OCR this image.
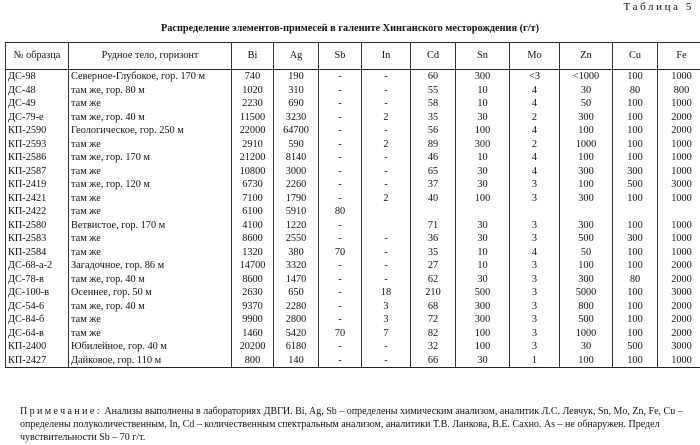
Таблица 5
Распределение элементов-примесей в галените Хинганского месторождения (г/т)
№ образца	Рудное тело, горизонт	Bi	Ag	Sb	In	Cd	Sn	Mo	Zn	Cu	Fe
ДС-98	Северное-Глубокое, гор. 170 м	740	190	-	-	60	300	<3	<1000	100	1000
ДС-48	там же, гор. 80 м	1020	310	-	-	55	10	4	30	80	800
ДС-49	там же	2230	690	-	-	58	10	4	50	100	1000
ДС-79-е	там же, гор. 40 м	11500	3230	-	2	35	30	2	300	100	2000
КП-2590	Геологическое, гор. 250 м	22000	64700	-	-	56	100	4	100	100	2000
КП-2593	там же	2910	590	-	2	89	300	2	1000	100	1000
КП-2586	там же, гор. 170 м	21200	8140	-	-	46	10	4	100	100	1000
КП-2587	там же	10800	3000	-	-	65	30	4	300	300	1000
КП-2419	там же, гор. 120 м	6730	2260	-	-	37	30	3	100	500	3000
КП-2421	там же	7100	1790	-	2	40	100	3	300	100	1000
КП-2422	там же	6100	5910	80							
КП-2580	Ветвистое, гор. 170 м	4100	1220	-		71	30	3	300	100	1000
КП-2583	там же	8600	2550	-	-	36	30	3	500	300	1000
КП-2584	там же	1320	380	70	-	35	10	4	50	100	1000
ДС-68-а-2	Загадочное, гор. 86 м	14700	3320	-	-	27	10	3	100	100	2000
ДС-78-в	там же, гор. 40 м	8600	1470	-	-	62	30	3	300	80	2000
ДС-100-в	Осеннее, гор. 50 м	2630	650	-	18	210	500	3	5000	100	3000
ДС-54-6	там же, гор. 40 м	9370	2280	-	3	68	300	3	800	100	2000
ДС-84-б	там же	9900	2800	-	3	72	300	3	500	100	2000
ДС-64-в	там же	1460	5420	70	7	82	100	3	1000	100	2000
КП-2400	Юбилейное, гор. 40 м	20200	6180	-	-	32	100	3	30	500	3000
КП-2427	Дайковое, гор. 110 м	800	140	-	-	66	30	1	100	100	1000
Примечание: Анализы выполнены в лабораториях ДВГИ. Bi, Ag, Sb – определены химическим анализом, аналитик Л.С. Левчук, Sn, Mo, Zn, Fe, Cu – определены полуколичественным, In, Cd – количественным спектральным анализом, аналитики Т.В. Ланкова, В.Е. Сахно. As – не обнаружен. Предел чувствительности Sb – 70 г/т.
